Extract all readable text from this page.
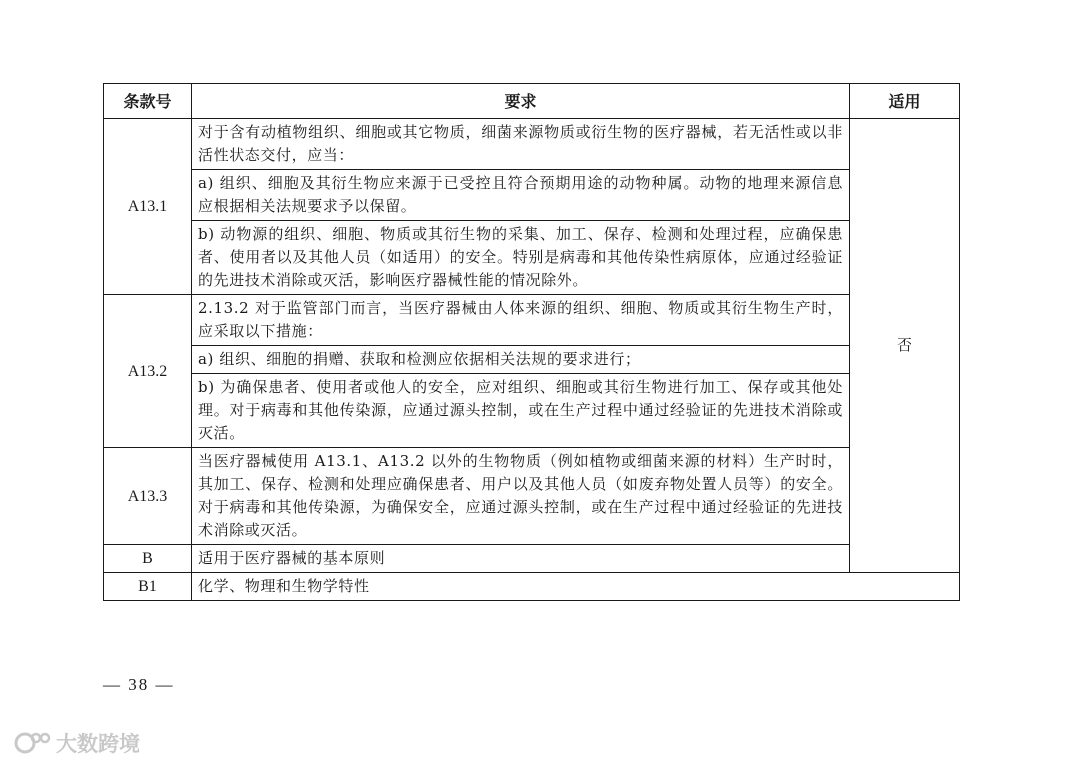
条款号	要求	适用
A13.1	对于含有动植物组织、细胞或其它物质，细菌来源物质或衍生物的医疗器械，若无活性或以非活性状态交付，应当：	否
	a) 组织、细胞及其衍生物应来源于已受控且符合预期用途的动物种属。动物的地理来源信息应根据相关法规要求予以保留。	
	b) 动物源的组织、细胞、物质或其衍生物的采集、加工、保存、检测和处理过程，应确保患者、使用者以及其他人员（如适用）的安全。特别是病毒和其他传染性病原体，应通过经验证的先进技术消除或灭活，影响医疗器械性能的情况除外。	
A13.2	2.13.2 对于监管部门而言，当医疗器械由人体来源的组织、细胞、物质或其衍生物生产时，应采取以下措施：	
	a) 组织、细胞的捐赠、获取和检测应依据相关法规的要求进行；	
	b) 为确保患者、使用者或他人的安全，应对组织、细胞或其衍生物进行加工、保存或其他处理。对于病毒和其他传染源，应通过源头控制，或在生产过程中通过经验证的先进技术消除或灭活。	
A13.3	当医疗器械使用 A13.1、A13.2 以外的生物物质（例如植物或细菌来源的材料）生产时时，其加工、保存、检测和处理应确保患者、用户以及其他人员（如废弃物处置人员等）的安全。对于病毒和其他传染源，为确保安全，应通过源头控制，或在生产过程中通过经验证的先进技术消除或灭活。	
B	适用于医疗器械的基本原则	
B1	化学、物理和生物学特性	
— 38 —
大数跨境
